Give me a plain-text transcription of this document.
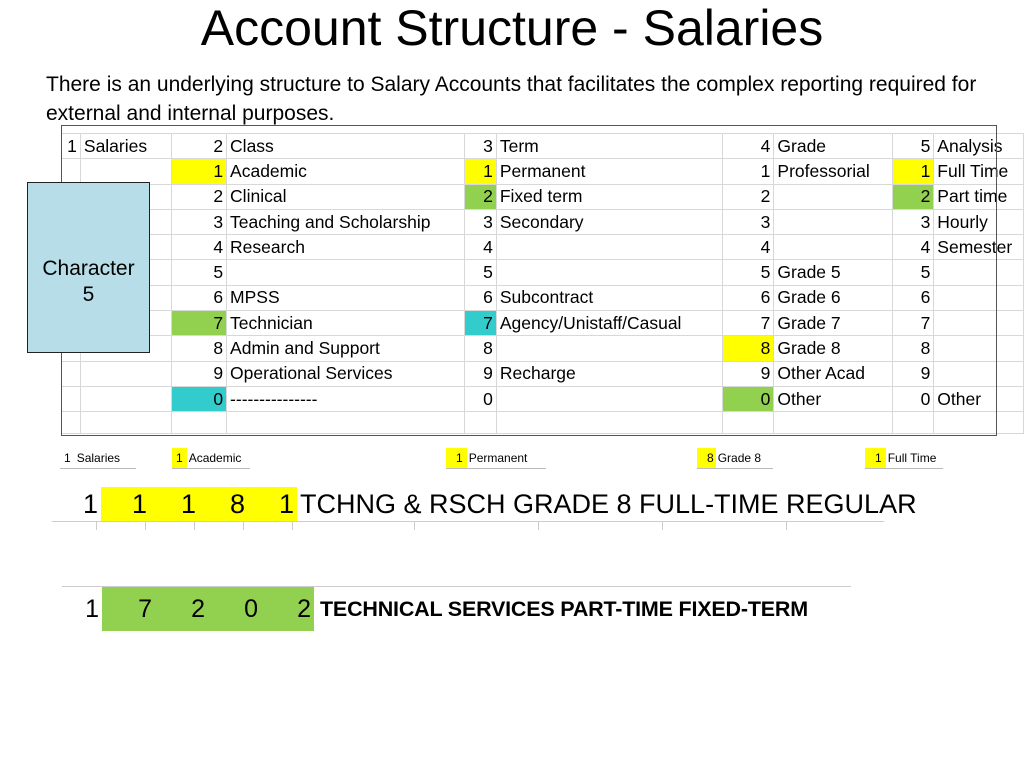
Account Structure - Salaries
There is an underlying structure to Salary Accounts that facilitates the complex reporting required for external and internal purposes.
1	Salaries	2	Class	3	Term	4	Grade	5	Analysis
		1	Academic	1	Permanent	1	Professorial	1	Full Time
		2	Clinical	2	Fixed term	2		2	Part time
		3	Teaching and Scholarship	3	Secondary	3		3	Hourly
		4	Research	4		4		4	Semester
		5		5		5	Grade 5	5	
		6	MPSS	6	Subcontract	6	Grade 6	6	
		7	Technician	7	Agency/Unistaff/Casual	7	Grade 7	7	
		8	Admin and Support	8		8	Grade 8	8	
		9	Operational Services	9	Recharge	9	Other Acad	9	
		0	---------------	0		0	Other	0	Other

Character
5
1 Salaries	1 Academic	1 Permanent	8 Grade 8	1 Full Time
1	1	1	8	1 TCHNG & RSCH GRADE 8 FULL-TIME REGULAR
1	7	2	0	2 TECHNICAL SERVICES PART-TIME FIXED-TERM
